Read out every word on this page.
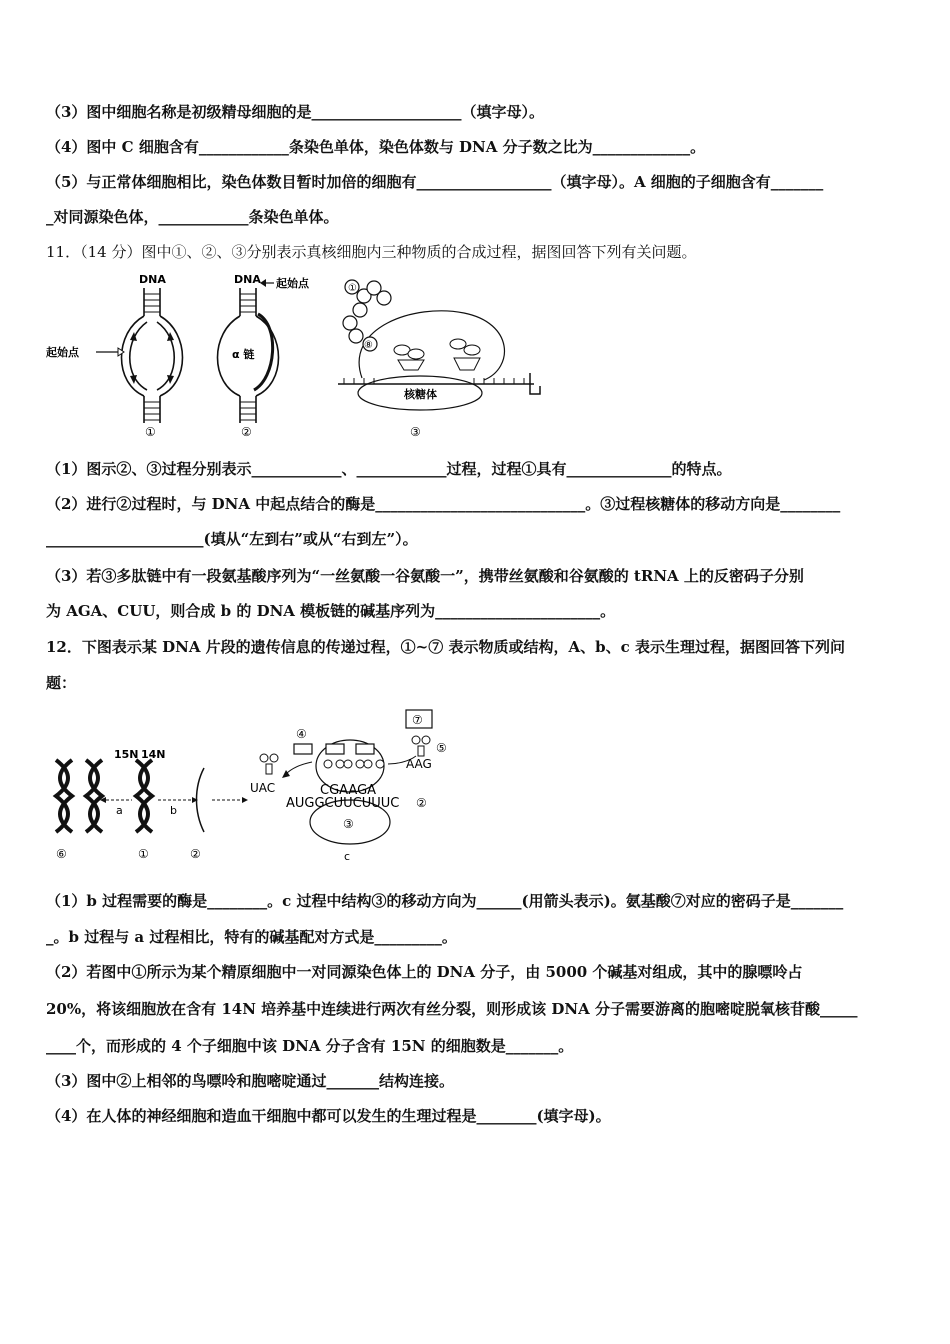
（3）图中细胞名称是初级精母细胞的是____________________（填字母）。
（4）图中 C 细胞含有____________条染色单体，染色体数与 DNA 分子数之比为_____________。
（5）与正常体细胞相比，染色体数目暂时加倍的细胞有__________________（填字母）。A 细胞的子细胞含有_______
_对同源染色体，____________条染色单体。
11．（14 分）图中①、②、③分别表示真核细胞内三种物质的合成过程，据图回答下列有关问题。
DNA
起始点
①
DNA 起始点
α 链
②
核糖体
①
⑧
③
b
（1）图示②、③过程分别表示____________、____________过程，过程①具有______________的特点。
（2）进行②过程时，与 DNA 中起点结合的酶是____________________________。③过程核糖体的移动方向是________
_____________________(填从“左到右”或从“右到左”）。
（3）若③多肽链中有一段氨基酸序列为“一丝氨酸一谷氨酸一”，携带丝氨酸和谷氨酸的 tRNA 上的反密码子分别
为 AGA、CUU，则合成 b 的 DNA 模板链的碱基序列为______________________。
12．下图表示某 DNA 片段的遗传信息的传递过程，①~⑦ 表示物质或结构，A、b、c 表示生理过程，据图回答下列问
题：
15N 14N
a	b
⑥	①	②
UAC
AAG
CGAAGA
AUGGCUUCUUUC ②
③
④
⑤
⑦
c
（1）b 过程需要的酶是________。c 过程中结构③的移动方向为______(用箭头表示)。氨基酸⑦对应的密码子是_______
_。b 过程与 a 过程相比，特有的碱基配对方式是_________。
（2）若图中①所示为某个精原细胞中一对同源染色体上的 DNA 分子，由 5000 个碱基对组成，其中的腺嘌呤占
20%，将该细胞放在含有 14N 培养基中连续进行两次有丝分裂，则形成该 DNA 分子需要游离的胞嘧啶脱氧核苷酸_____
____个，而形成的 4 个子细胞中该 DNA 分子含有 15N 的细胞数是_______。
（3）图中②上相邻的鸟嘌呤和胞嘧啶通过_______结构连接。
（4）在人体的神经细胞和造血干细胞中都可以发生的生理过程是________(填字母)。
